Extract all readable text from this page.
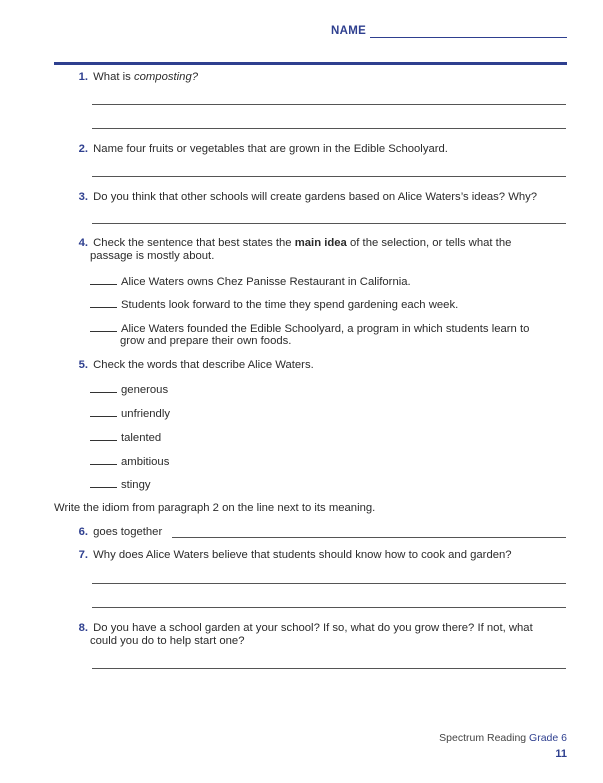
NAME
1. What is composting?
2. Name four fruits or vegetables that are grown in the Edible Schoolyard.
3. Do you think that other schools will create gardens based on Alice Waters’s ideas? Why?
4. Check the sentence that best states the main idea of the selection, or tells what the
passage is mostly about.
Alice Waters owns Chez Panisse Restaurant in California.
Students look forward to the time they spend gardening each week.
Alice Waters founded the Edible Schoolyard, a program in which students learn to
grow and prepare their own foods.
5. Check the words that describe Alice Waters.
generous
unfriendly
talented
ambitious
stingy
Write the idiom from paragraph 2 on the line next to its meaning.
6. goes together
7. Why does Alice Waters believe that students should know how to cook and garden?
8. Do you have a school garden at your school? If so, what do you grow there? If not, what
could you do to help start one?
Spectrum Reading Grade 6
11
